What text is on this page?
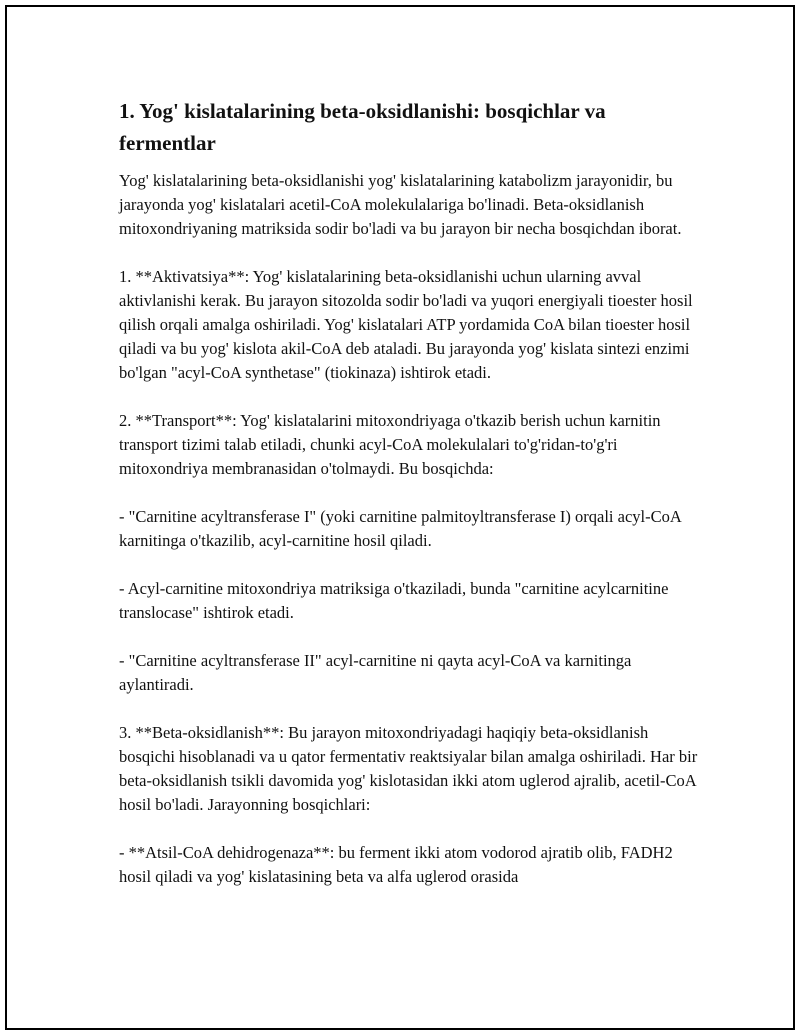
1. Yog' kislatalarining beta-oksidlanishi: bosqichlar va fermentlar

Yog' kislatalarining beta-oksidlanishi yog' kislatalarining katabolizm jarayonidir, bu jarayonda yog' kislatalari acetil-CoA molekulalariga bo'linadi. Beta-oksidlanish mitoxondriyaning matriksida sodir bo'ladi va bu jarayon bir necha bosqichdan iborat.

1. **Aktivatsiya**: Yog' kislatalarining beta-oksidlanishi uchun ularning avval aktivlanishi kerak. Bu jarayon sitozolda sodir bo'ladi va yuqori energiyali tioester hosil qilish orqali amalga oshiriladi. Yog' kislatalari ATP yordamida CoA bilan tioester hosil qiladi va bu yog' kislota akil-CoA deb ataladi. Bu jarayonda yog' kislata sintezi enzimi bo'lgan "acyl-CoA synthetase" (tiokinaza) ishtirok etadi.

2. **Transport**: Yog' kislatalarini mitoxondriyaga o'tkazib berish uchun karnitin transport tizimi talab etiladi, chunki acyl-CoA molekulalari to'g'ridan-to'g'ri mitoxondriya membranasidan o'tolmaydi. Bu bosqichda:

- "Carnitine acyltransferase I" (yoki carnitine palmitoyltransferase I) orqali acyl-CoA karnitinga o'tkazilib, acyl-carnitine hosil qiladi.

- Acyl-carnitine mitoxondriya matriksiga o'tkaziladi, bunda "carnitine acylcarnitine translocase" ishtirok etadi.

- "Carnitine acyltransferase II" acyl-carnitine ni qayta acyl-CoA va karnitinga aylantiradi.

3. **Beta-oksidlanish**: Bu jarayon mitoxondriyadagi haqiqiy beta-oksidlanish bosqichi hisoblanadi va u qator fermentativ reaktsiyalar bilan amalga oshiriladi. Har bir beta-oksidlanish tsikli davomida yog' kislotasidan ikki atom uglerod ajralib, acetil-CoA hosil bo'ladi. Jarayonning bosqichlari:

- **Atsil-CoA dehidrogenaza**: bu ferment ikki atom vodorod ajratib olib, FADH2 hosil qiladi va yog' kislatasining beta va alfa uglerod orasida
